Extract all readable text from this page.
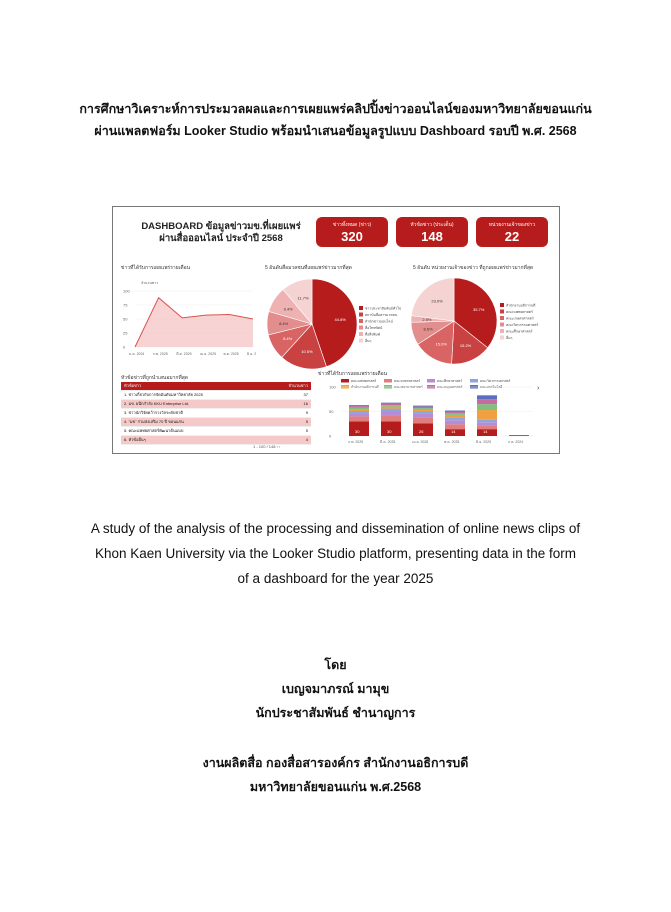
การศึกษาวิเคราะห์การประมวลผลและการเผยแพร่คลิปปิ้งข่าวออนไลน์ของมหาวิทยาลัยขอนแก่น
ผ่านแพลตฟอร์ม Looker Studio พร้อมนำเสนอข้อมูลรูปแบบ Dashboard รอบปี พ.ศ. 2568
DASHBOARD ข้อมูลข่าวมข.ที่เผยแพร่
ผ่านสื่อออนไลน์ ประจำปี 2568
ข่าวทั้งหมด (ข่าว)
320
หัวข้อข่าว (ประเด็น)
148
หน่วยงานเจ้าของข่าว
22
ข่าวที่ได้รับการเผยแพร่รายเดือน	5 อันดับสื่อมวลชนที่เผยแพร่ข่าวมากที่สุด	5 อันดับ หน่วยงานเจ้าของข่าว ที่ถูกเผยแพร่ข่าวมากที่สุด
จำนวนข่าว
100
75
50
25
0
ม.ค. 2024 ก.พ. 2025 มี.ค. 2025 เม.ย. 2025 พ.ค. 2025 มิ.ย. 2
44.8%
10.5%
8.4%
8.4%
9.4%
11.7%
ข่าวประชาสัมพันธ์ทั่วไป
สถาบันสื่อสารมวลชน
สำนักข่าวออนไลน์
สื่อโทรทัศน์
สื่อสิ่งพิมพ์
อื่นๆ
35.7%
15.2%
15.0%
8.6%
2.5%
23.0%
สำนักงานอธิการบดี
คณะแพทยศาสตร์
คณะเกษตรศาสตร์
คณะวิศวกรรมศาสตร์
คณะศึกษาศาสตร์
อื่นๆ
ข่าวที่ได้รับการเผยแพร่รายเดือน
คณะแพทยศาสตร์	คณะเกษตรศาสตร์	คณะศึกษาศาสตร์	คณะวิศวกรรมศาสตร์
สำนักงานอธิการบดี	คณะพยาบาลศาสตร์	คณะมนุษยศาสตร์	คณะเทคโนโลยี
100
50
0
30
ก.พ. 2025
30
มี.ค. 2025
26
เม.ย. 2025
14
พ.ค. 2025
14
มิ.ย. 2025	ก.ค. 2024
›
หัวข้อข่าวที่ถูกนำเสนอมากที่สุด
หัวข้อข่าว	จำนวนข่าว
1. ข่าวเกี่ยวกับการจัดอันดับมหาวิทยาลัย 2025	37
2. มข. ผนึกกำลัง KKU Enterprise Ltd.	16
3. ข่าวนักวิจัยคว้ารางวัลระดับชาติ	9
4. "มข" ร่วมส่งเสริม 70 ปี ขอนแก่น	5
5. คณะแพทยศาสตร์พัฒนาต้นแบบ	5
6. หัวข้ออื่นๆ	4
1 - 100 / 148 ‹ ›
A study of the analysis of the processing and dissemination of online news clips of
Khon Kaen University via the Looker Studio platform, presenting data in the form
of a dashboard for the year 2025
โดย
เบญจมาภรณ์ มามุข
นักประชาสัมพันธ์ ชำนาญการ
งานผลิตสื่อ กองสื่อสารองค์กร สำนักงานอธิการบดี
มหาวิทยาลัยขอนแก่น พ.ศ.2568
